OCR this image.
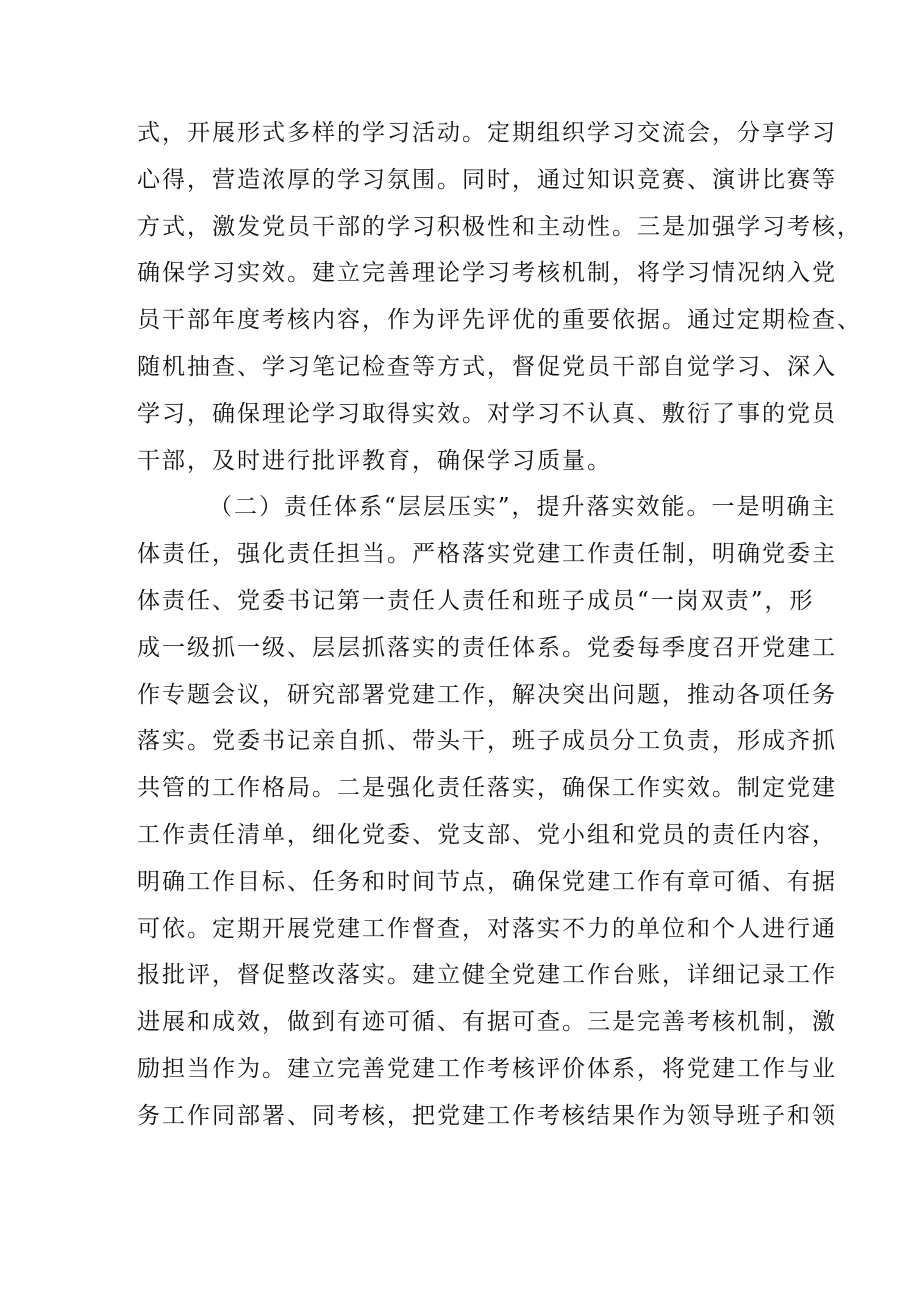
式，开展形式多样的学习活动。定期组织学习交流会，分享学习
心得，营造浓厚的学习氛围。同时，通过知识竞赛、演讲比赛等
方式，激发党员干部的学习积极性和主动性。三是加强学习考核，
确保学习实效。建立完善理论学习考核机制，将学习情况纳入党
员干部年度考核内容，作为评先评优的重要依据。通过定期检查、
随机抽查、学习笔记检查等方式，督促党员干部自觉学习、深入
学习，确保理论学习取得实效。对学习不认真、敷衍了事的党员
干部，及时进行批评教育，确保学习质量。
（二）责任体系“层层压实”，提升落实效能。一是明确主
体责任，强化责任担当。严格落实党建工作责任制，明确党委主
体责任、党委书记第一责任人责任和班子成员“一岗双责”，形
成一级抓一级、层层抓落实的责任体系。党委每季度召开党建工
作专题会议，研究部署党建工作，解决突出问题，推动各项任务
落实。党委书记亲自抓、带头干，班子成员分工负责，形成齐抓
共管的工作格局。二是强化责任落实，确保工作实效。制定党建
工作责任清单，细化党委、党支部、党小组和党员的责任内容，
明确工作目标、任务和时间节点，确保党建工作有章可循、有据
可依。定期开展党建工作督查，对落实不力的单位和个人进行通
报批评，督促整改落实。建立健全党建工作台账，详细记录工作
进展和成效，做到有迹可循、有据可查。三是完善考核机制，激
励担当作为。建立完善党建工作考核评价体系，将党建工作与业
务工作同部署、同考核，把党建工作考核结果作为领导班子和领
